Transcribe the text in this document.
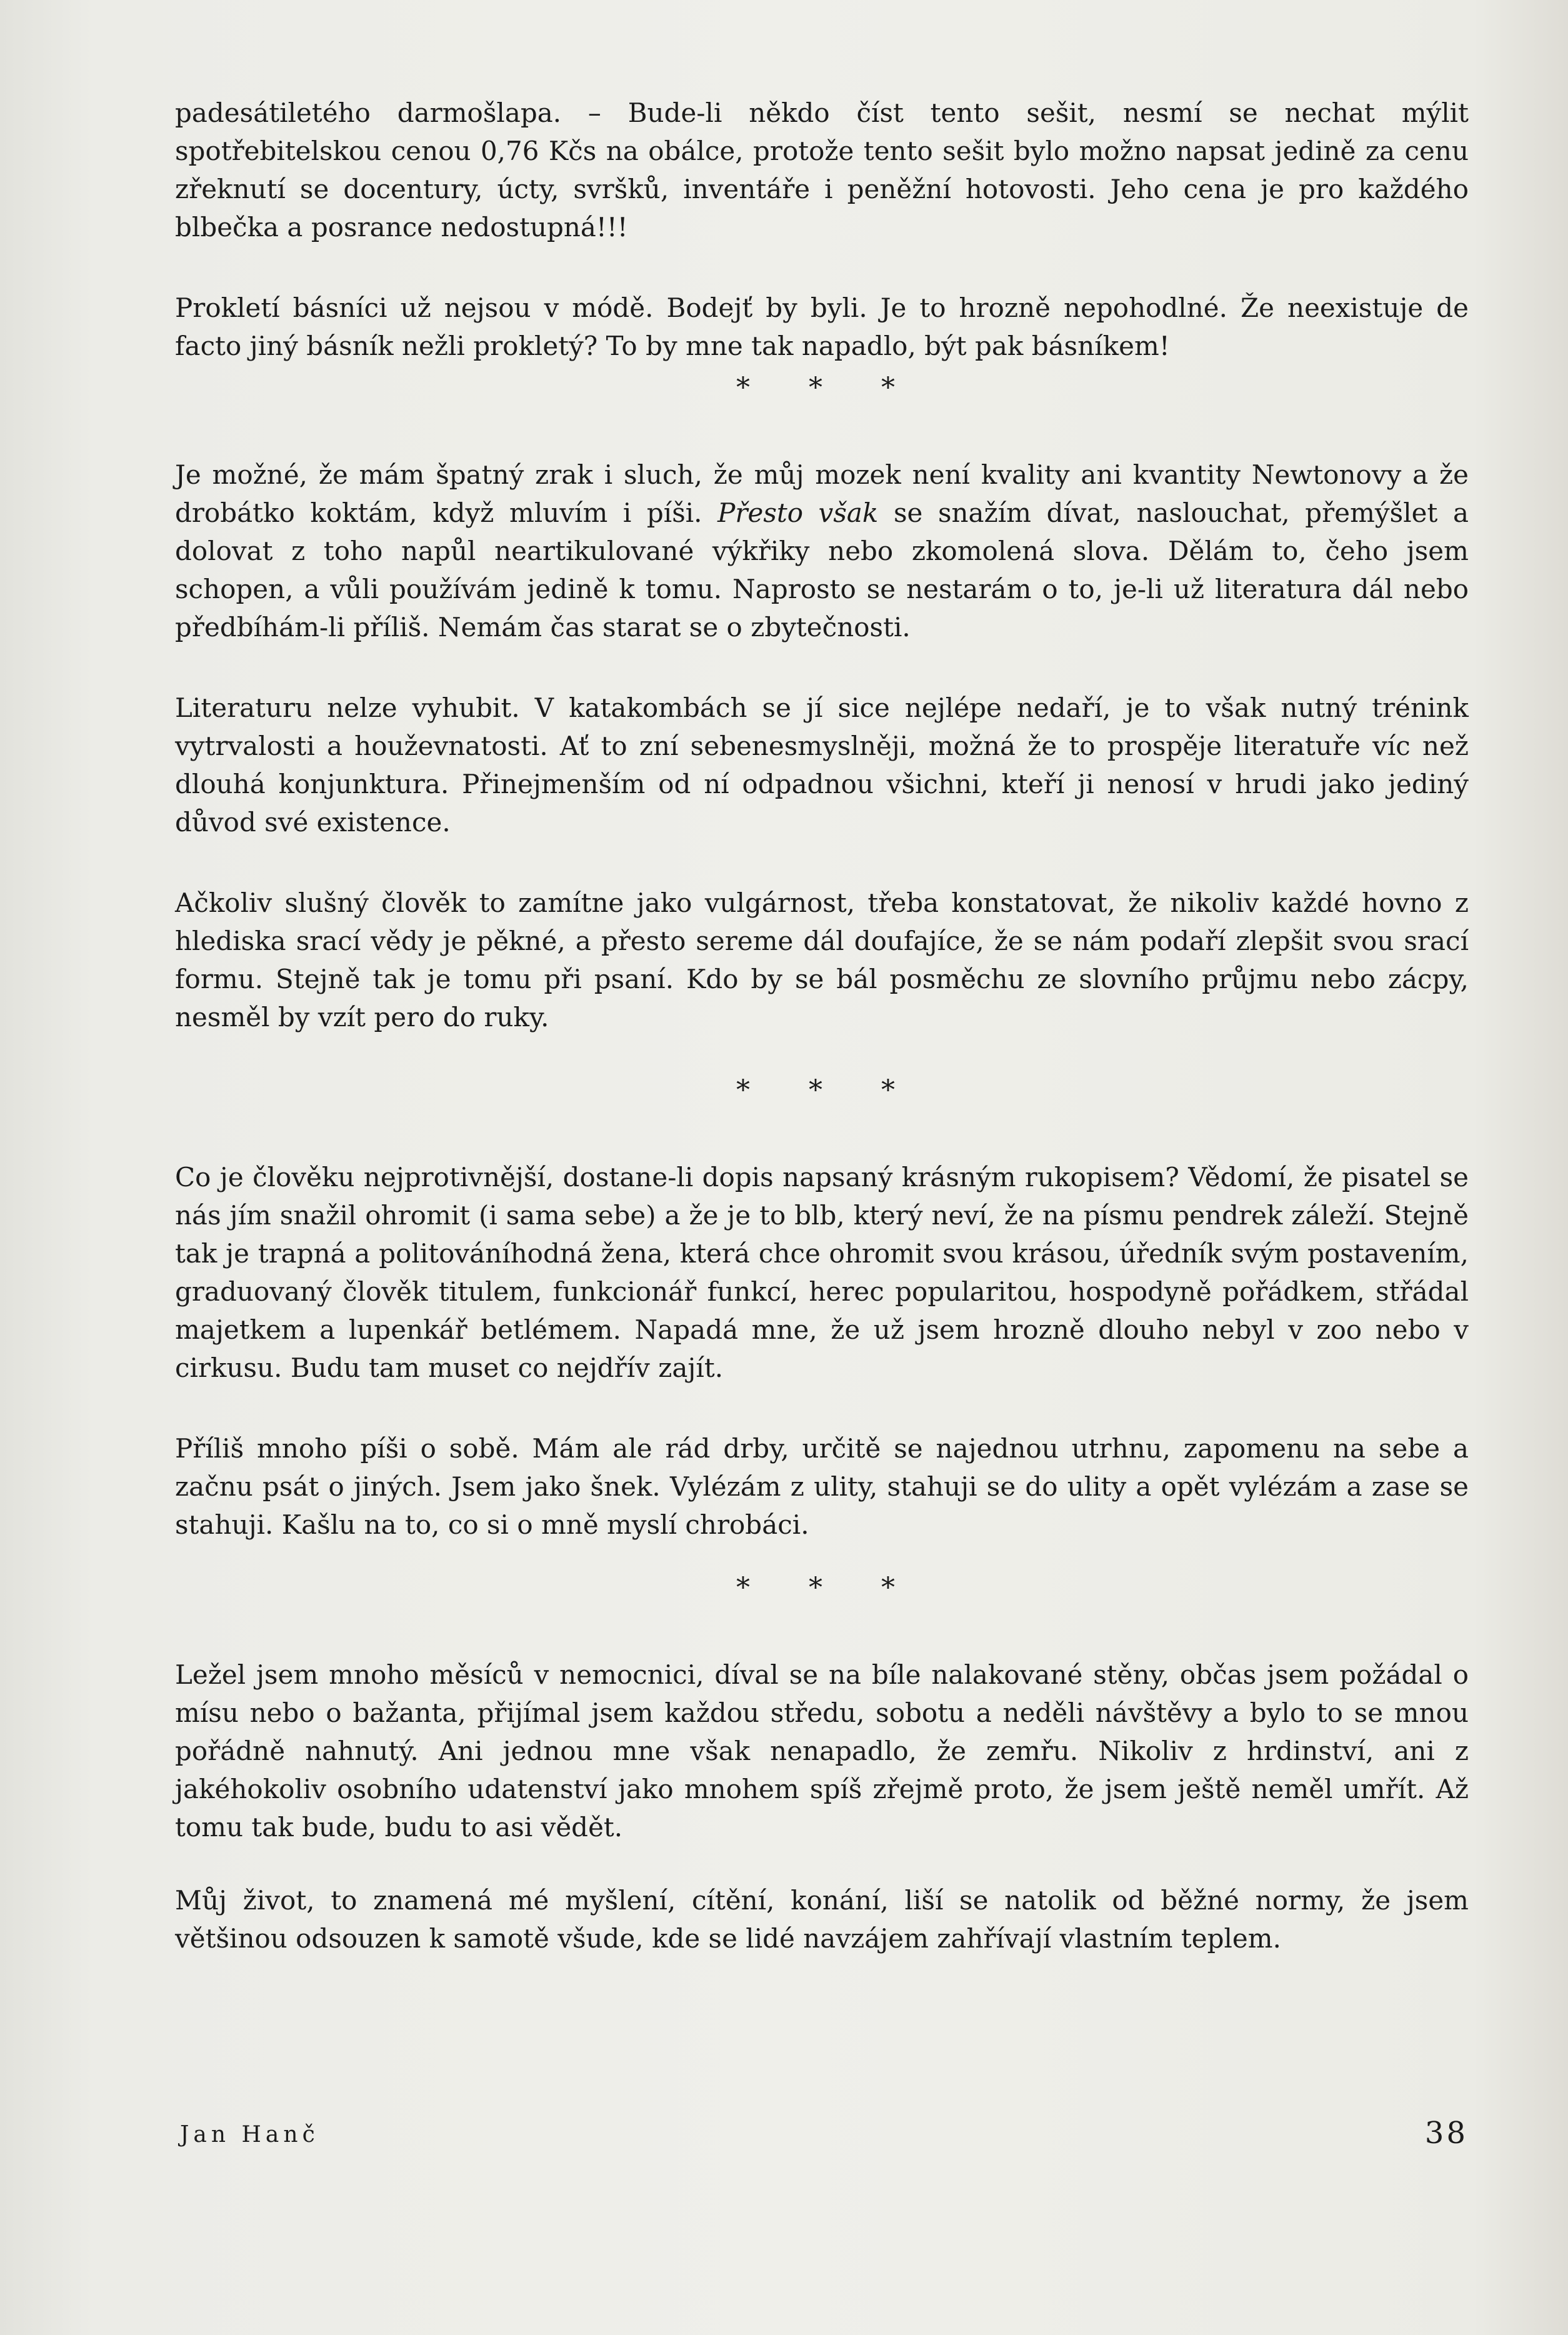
padesátiletého darmošlapa. – Bude-li někdo číst tento sešit, nesmí se nechat mýlit spotřebitelskou cenou 0,76 Kčs na obálce, protože tento sešit bylo možno napsat jedině za cenu zřeknutí se docentury, úcty, svršků, inventáře i peněžní hotovosti. Jeho cena je pro každého blbečka a posrance nedostupná!!!

Prokletí básníci už nejsou v módě. Bodejť by byli. Je to hrozně nepohodlné. Že neexistuje de facto jiný básník nežli prokletý? To by mne tak napadlo, být pak básníkem!

* * *

Je možné, že mám špatný zrak i sluch, že můj mozek není kvality ani kvantity Newtonovy a že drobátko koktám, když mluvím i píši. Přesto však se snažím dívat, naslouchat, přemýšlet a dolovat z toho napůl neartikulované výkřiky nebo zkomolená slova. Dělám to, čeho jsem schopen, a vůli používám jedině k tomu. Naprosto se nestarám o to, je-li už literatura dál nebo předbíhám-li příliš. Nemám čas starat se o zbytečnosti.

Literaturu nelze vyhubit. V katakombách se jí sice nejlépe nedaří, je to však nutný trénink vytrvalosti a houževnatosti. Ať to zní sebenesmyslněji, možná že to prospěje literatuře víc než dlouhá konjunktura. Přinejmenším od ní odpadnou všichni, kteří ji nenosí v hrudi jako jediný důvod své existence.

Ačkoliv slušný člověk to zamítne jako vulgárnost, třeba konstatovat, že nikoliv každé hovno z hlediska srací vědy je pěkné, a přesto sereme dál doufajíce, že se nám podaří zlepšit svou srací formu. Stejně tak je tomu při psaní. Kdo by se bál posměchu ze slovního průjmu nebo zácpy, nesměl by vzít pero do ruky.

* * *

Co je člověku nejprotivnější, dostane-li dopis napsaný krásným rukopisem? Vědomí, že pisatel se nás jím snažil ohromit (i sama sebe) a že je to blb, který neví, že na písmu pendrek záleží. Stejně tak je trapná a politováníhodná žena, která chce ohromit svou krásou, úředník svým postavením, graduovaný člověk titulem, funkcionář funkcí, herec popularitou, hospodyně pořádkem, střádal majetkem a lupenkář betlémem. Napadá mne, že už jsem hrozně dlouho nebyl v zoo nebo v cirkusu. Budu tam muset co nejdřív zajít.

Příliš mnoho píši o sobě. Mám ale rád drby, určitě se najednou utrhnu, zapomenu na sebe a začnu psát o jiných. Jsem jako šnek. Vylézám z ulity, stahuji se do ulity a opět vylézám a zase se stahuji. Kašlu na to, co si o mně myslí chrobáci.

* * *

Ležel jsem mnoho měsíců v nemocnici, díval se na bíle nalakované stěny, občas jsem požádal o mísu nebo o bažanta, přijímal jsem každou středu, sobotu a neděli návštěvy a bylo to se mnou pořádně nahnutý. Ani jednou mne však nenapadlo, že zemřu. Nikoliv z hrdinství, ani z jakéhokoliv osobního udatenství jako mnohem spíš zřejmě proto, že jsem ještě neměl umřít. Až tomu tak bude, budu to asi vědět.

Můj život, to znamená mé myšlení, cítění, konání, liší se natolik od běžné normy, že jsem většinou odsouzen k samotě všude, kde se lidé navzájem zahřívají vlastním teplem.

Jan Hanč	38
